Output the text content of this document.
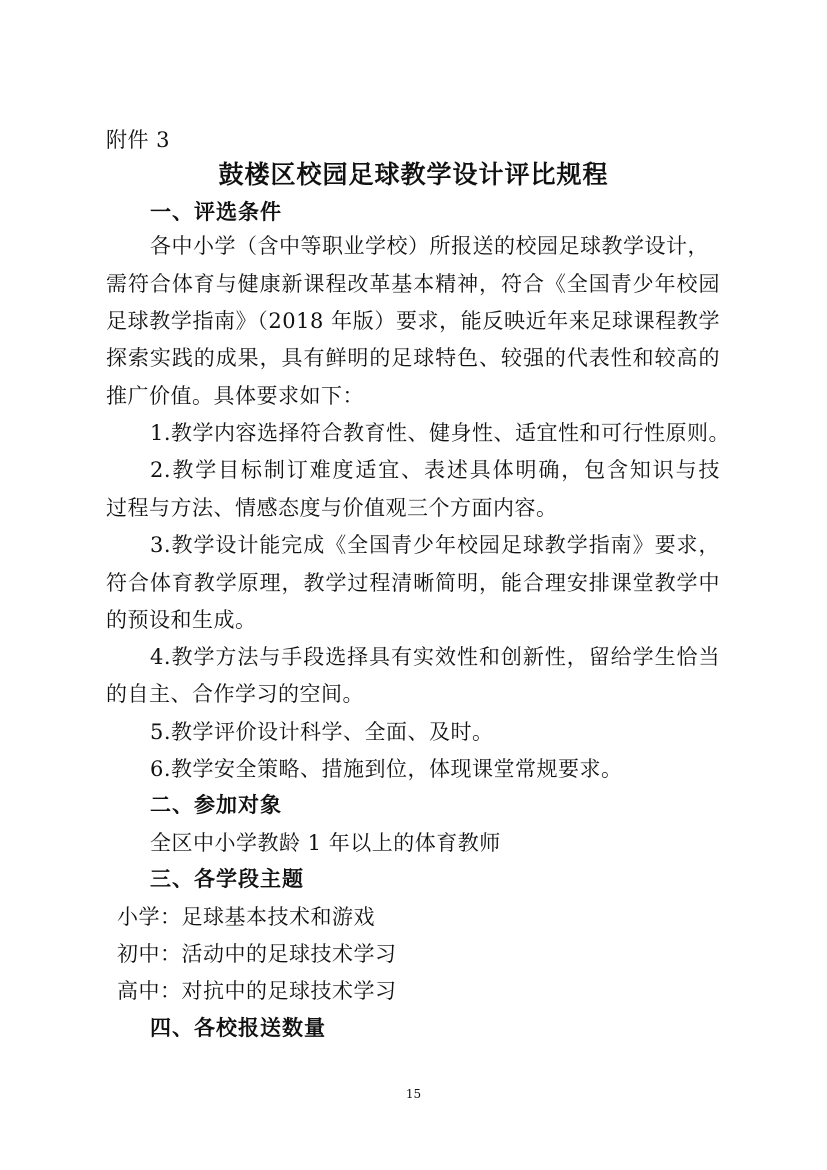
附件 3
鼓楼区校园足球教学设计评比规程
一、评选条件
各中小学（含中等职业学校）所报送的校园足球教学设计，
需符合体育与健康新课程改革基本精神，符合《全国青少年校园
足球教学指南》（2018 年版）要求，能反映近年来足球课程教学
探索实践的成果，具有鲜明的足球特色、较强的代表性和较高的
推广价值。具体要求如下：
1.教学内容选择符合教育性、健身性、适宜性和可行性原则。
2.教学目标制订难度适宜、表述具体明确，包含知识与技
过程与方法、情感态度与价值观三个方面内容。
3.教学设计能完成《全国青少年校园足球教学指南》要求，
符合体育教学原理，教学过程清晰简明，能合理安排课堂教学中
的预设和生成。
4.教学方法与手段选择具有实效性和创新性，留给学生恰当
的自主、合作学习的空间。
5.教学评价设计科学、全面、及时。
6.教学安全策略、措施到位，体现课堂常规要求。
二、参加对象
全区中小学教龄 1 年以上的体育教师
三、各学段主题
小学：足球基本技术和游戏
初中：活动中的足球技术学习
高中：对抗中的足球技术学习
四、各校报送数量
15
